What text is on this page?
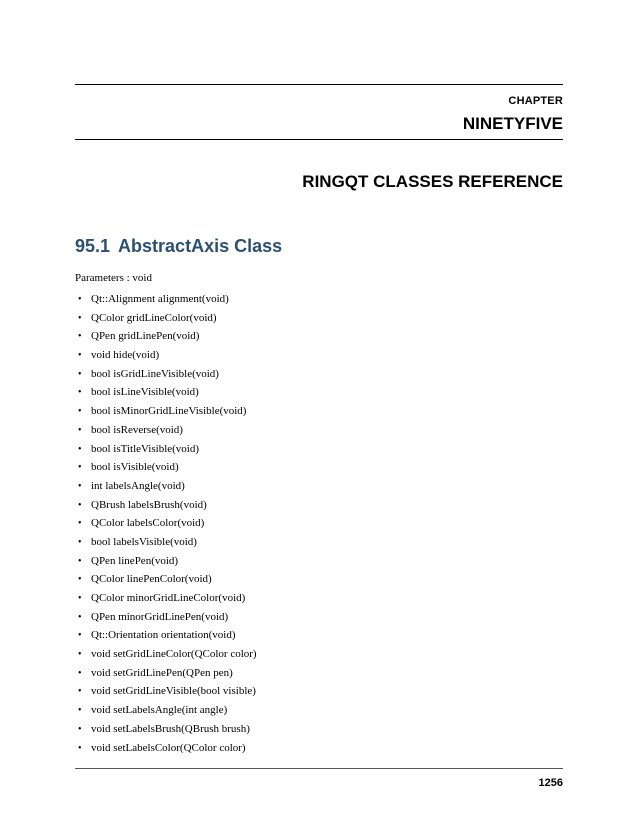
CHAPTER
NINETYFIVE
RINGQT CLASSES REFERENCE
95.1 AbstractAxis Class
Parameters : void
• Qt::Alignment alignment(void)
• QColor gridLineColor(void)
• QPen gridLinePen(void)
• void hide(void)
• bool isGridLineVisible(void)
• bool isLineVisible(void)
• bool isMinorGridLineVisible(void)
• bool isReverse(void)
• bool isTitleVisible(void)
• bool isVisible(void)
• int labelsAngle(void)
• QBrush labelsBrush(void)
• QColor labelsColor(void)
• bool labelsVisible(void)
• QPen linePen(void)
• QColor linePenColor(void)
• QColor minorGridLineColor(void)
• QPen minorGridLinePen(void)
• Qt::Orientation orientation(void)
• void setGridLineColor(QColor color)
• void setGridLinePen(QPen pen)
• void setGridLineVisible(bool visible)
• void setLabelsAngle(int angle)
• void setLabelsBrush(QBrush brush)
• void setLabelsColor(QColor color)
1256
